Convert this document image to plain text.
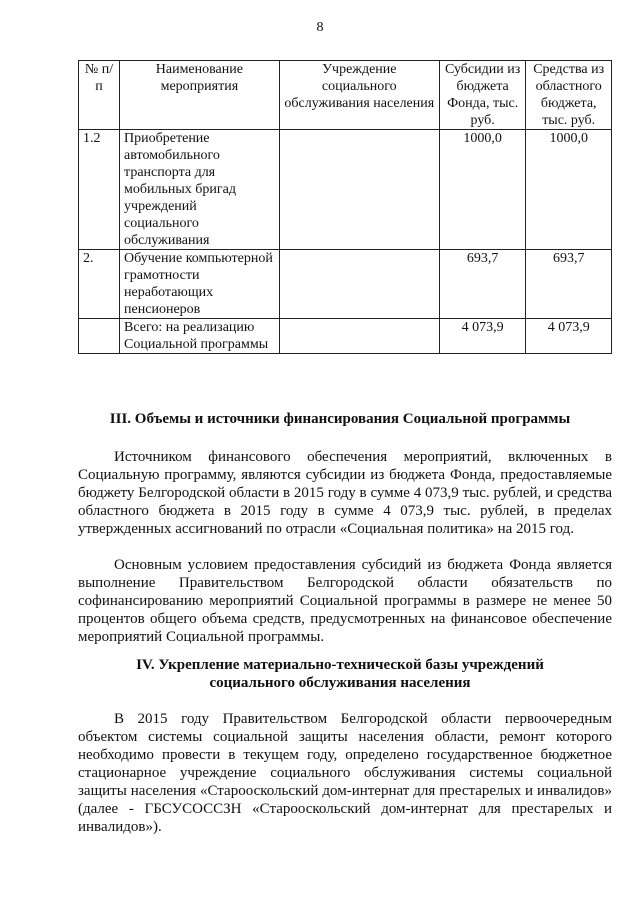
8
№ п/п	Наименование мероприятия	Учреждение социального обслуживания населения	Субсидии из бюджета Фонда, тыс. руб.	Средства из областного бюджета, тыс. руб.
1.2	Приобретение автомобильного транспорта для мобильных бригад учреждений социального обслуживания		1000,0	1000,0
2.	Обучение компьютерной грамотности неработающих пенсионеров		693,7	693,7
	Всего: на реализацию Социальной программы		4 073,9	4 073,9
III. Объемы и источники финансирования Социальной программы

Источником финансового обеспечения мероприятий, включенных в Социальную программу, являются субсидии из бюджета Фонда, предоставляемые бюджету Белгородской области в 2015 году в сумме 4 073,9 тыс. рублей, и средства областного бюджета в 2015 году в сумме 4 073,9 тыс. рублей, в пределах утвержденных ассигнований по отрасли «Социальная политика» на 2015 год.

Основным условием предоставления субсидий из бюджета Фонда является выполнение Правительством Белгородской области обязательств по софинансированию мероприятий Социальной программы в размере не менее 50 процентов общего объема средств, предусмотренных на финансовое обеспечение мероприятий Социальной программы.

IV. Укрепление материально-технической базы учреждений
социального обслуживания населения

В 2015 году Правительством Белгородской области первоочередным объектом системы социальной защиты населения области, ремонт которого необходимо провести в текущем году, определено государственное бюджетное стационарное учреждение социального обслуживания системы социальной защиты населения «Старооскольский дом-интернат для престарелых и инвалидов» (далее - ГБСУСОССЗН «Старооскольский дом-интернат для престарелых и инвалидов»).
